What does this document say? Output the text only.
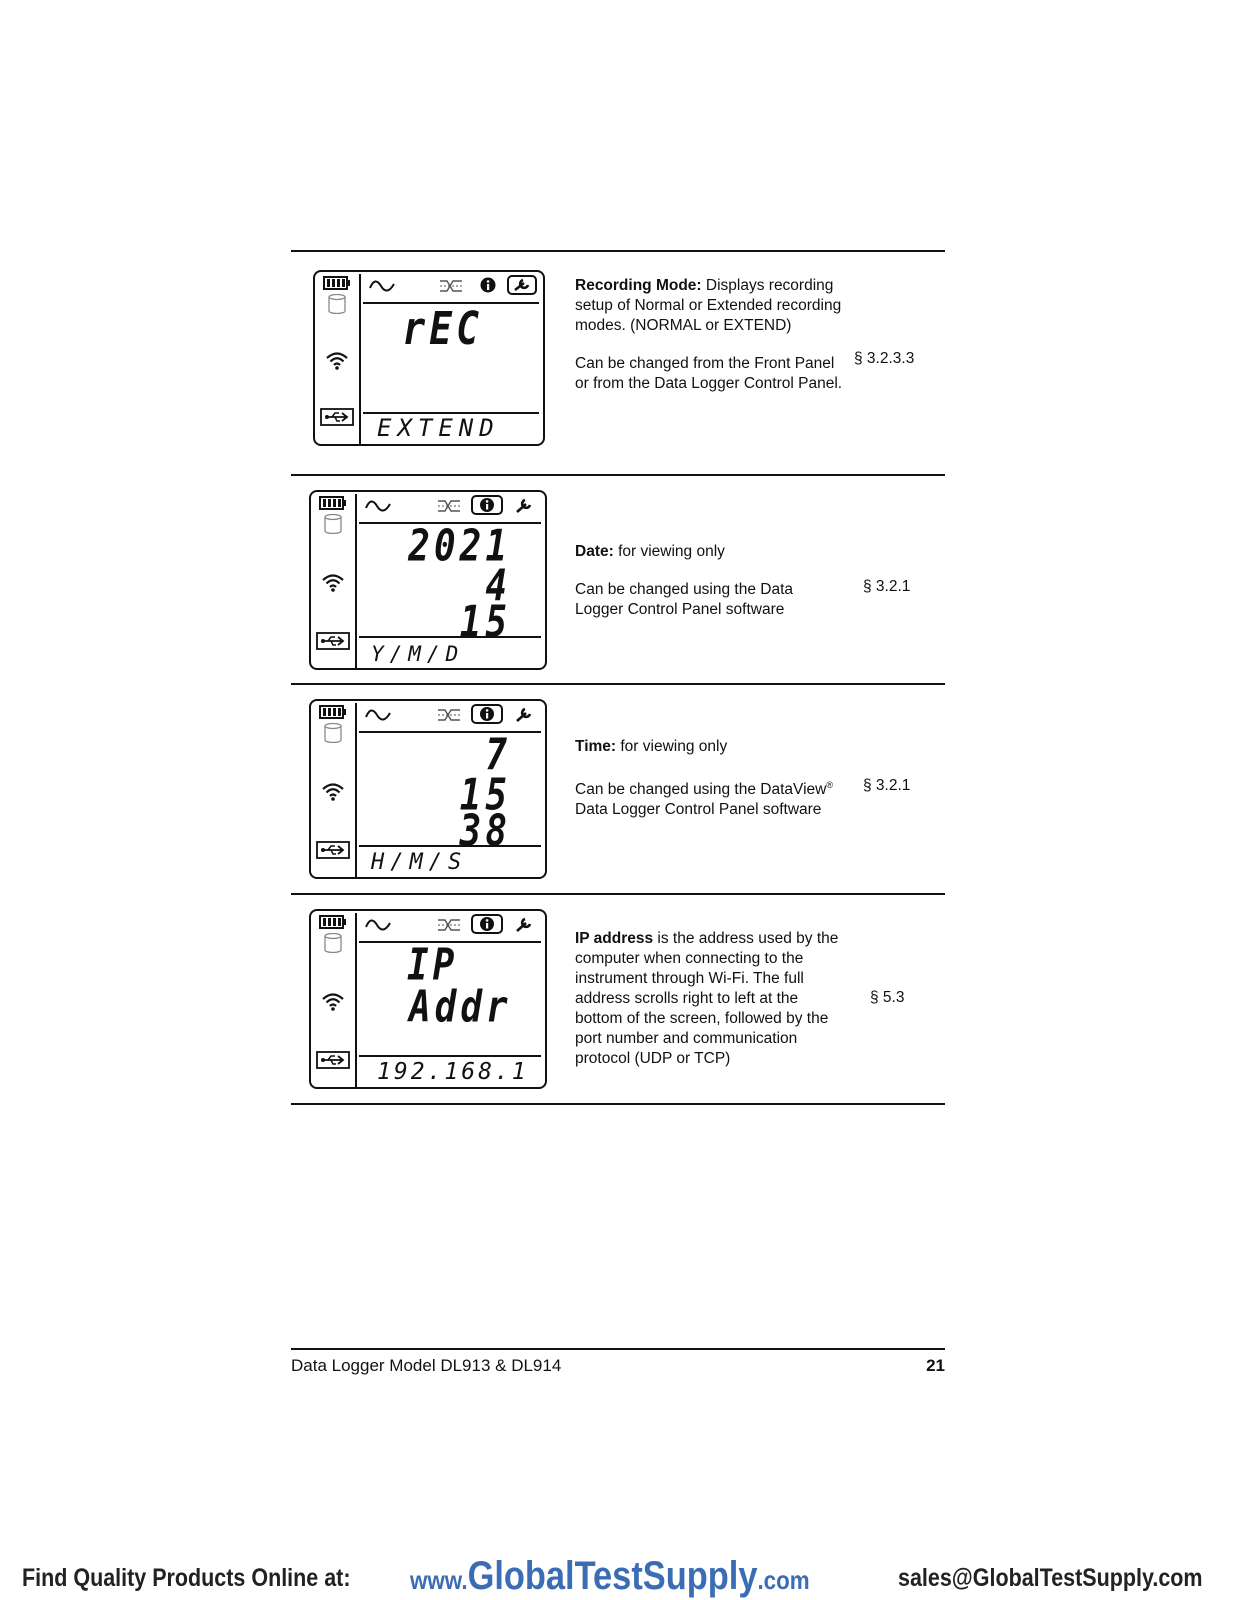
rEC
EXTEND

Recording Mode: Displays recording setup of Normal or Extended recording modes. (NORMAL or EXTEND)

Can be changed from the Front Panel or from the Data Logger Control Panel.

§ 3.2.3.3
2021
4
15
Y/M/D

Date: for viewing only

Can be changed using the Data Logger Control Panel software

§ 3.2.1
7
15
38
H/M/S

Time: for viewing only

Can be changed using the DataView® Data Logger Control Panel software

§ 3.2.1
IP
Addr
192.168.1

IP address is the address used by the computer when connecting to the instrument through Wi-Fi. The full address scrolls right to left at the bottom of the screen, followed by the port number and communication protocol (UDP or TCP)

§ 5.3
Data Logger Model DL913 & DL914	21
Find Quality Products Online at: www.GlobalTestSupply.com	sales@GlobalTestSupply.com
